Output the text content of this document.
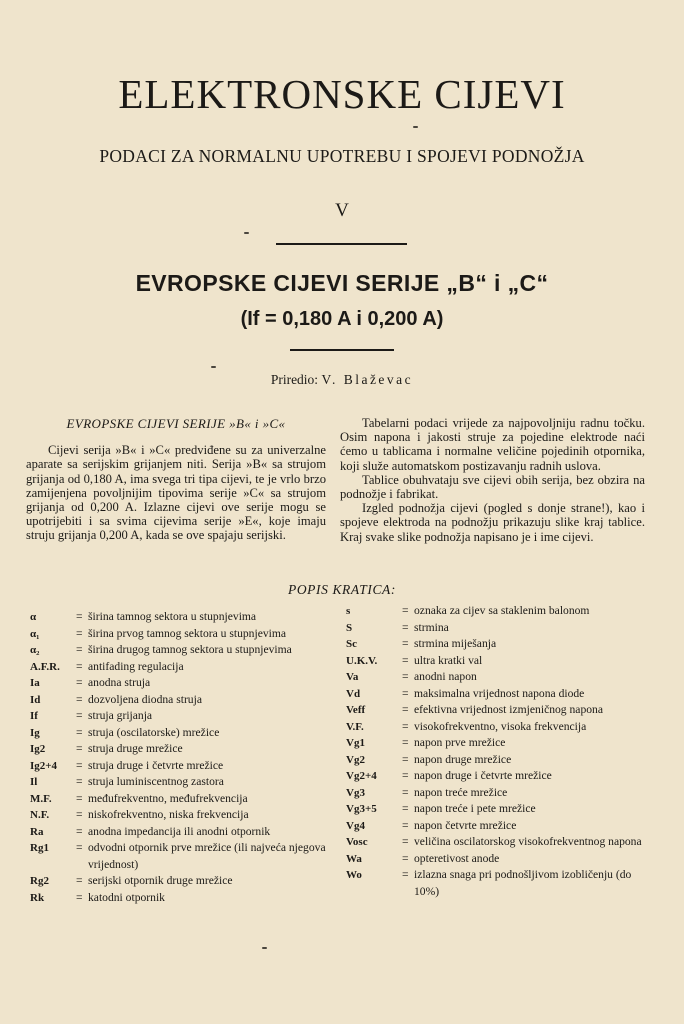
ELEKTRONSKE CIJEVI
PODACI ZA NORMALNU UPOTREBU I SPOJEVI PODNOŽJA
V
EVROPSKE CIJEVI SERIJE „B“ i „C“
(If = 0,180 A i 0,200 A)
Priredio: V. Blaževac
EVROPSKE CIJEVI SERIJE »B« i »C«

Cijevi serija »B« i »C« predviđene su za univerzalne aparate sa serijskim grijanjem niti. Serija »B« sa strujom grijanja od 0,180 A, ima svega tri tipa cijevi, te je vrlo brzo zamijenjena povoljnijim tipovima serije »C« sa strujom grijanja od 0,200 A. Izlazne cijevi ove serije mogu se upotrijebiti i sa svima cijevima serije »E«, koje imaju struju grijanja 0,200 A, kada se ove spajaju serijski.

Tabelarni podaci vrijede za najpovoljniju radnu točku. Osim napona i jakosti struje za pojedine elektrode naći ćemo u tablicama i normalne veličine pojedinih otpornika, koji služe automatskom postizavanju radnih uslova.

Tablice obuhvataju sve cijevi obih serija, bez obzira na podnožje i fabrikat.

Izgled podnožja cijevi (pogled s donje strane!), kao i spojeve elektroda na podnožju prikazuju slike kraj tablice. Kraj svake slike podnožja napisano je i ime cijevi.

POPIS KRATICA:
α	= širina tamnog sektora u stupnjevima
α₁	= širina prvog tamnog sektora u stupnjevima
α₂	= širina drugog tamnog sektora u stupnjevima
A.F.R.	= antifading regulacija
Ia	= anodna struja
Id	= dozvoljena diodna struja
If	= struja grijanja
Ig	= struja (oscilatorske) mrežice
Ig2	= struja druge mrežice
Ig2+4	= struja druge i četvrte mrežice
Il	= struja luminiscentnog zastora
M.F.	= međufrekventno, međufrekvencija
N.F.	= niskofrekventno, niska frekvencija
Ra	= anodna impedancija ili anodni otpornik
Rg1	= odvodni otpornik prve mrežice (ili najveća njegova vrijednost)
Rg2	= serijski otpornik druge mrežice
Rk	= katodni otpornik
s	= oznaka za cijev sa staklenim balonom
S	= strmina
Sc	= strmina miješanja
U.K.V.	= ultra kratki val
Va	= anodni napon
Vd	= maksimalna vrijednost napona diode
Veff	= efektivna vrijednost izmjeničnog napona
V.F.	= visokofrekventno, visoka frekvencija
Vg1	= napon prve mrežice
Vg2	= napon druge mrežice
Vg2+4	= napon druge i četvrte mrežice
Vg3	= napon treće mrežice
Vg3+5	= napon treće i pete mrežice
Vg4	= napon četvrte mrežice
Vosc	= veličina oscilatorskog visokofrekventnog napona
Wa	= opteretivost anode
Wo	= izlazna snaga pri podnošljivom izobličenju (do 10%)
